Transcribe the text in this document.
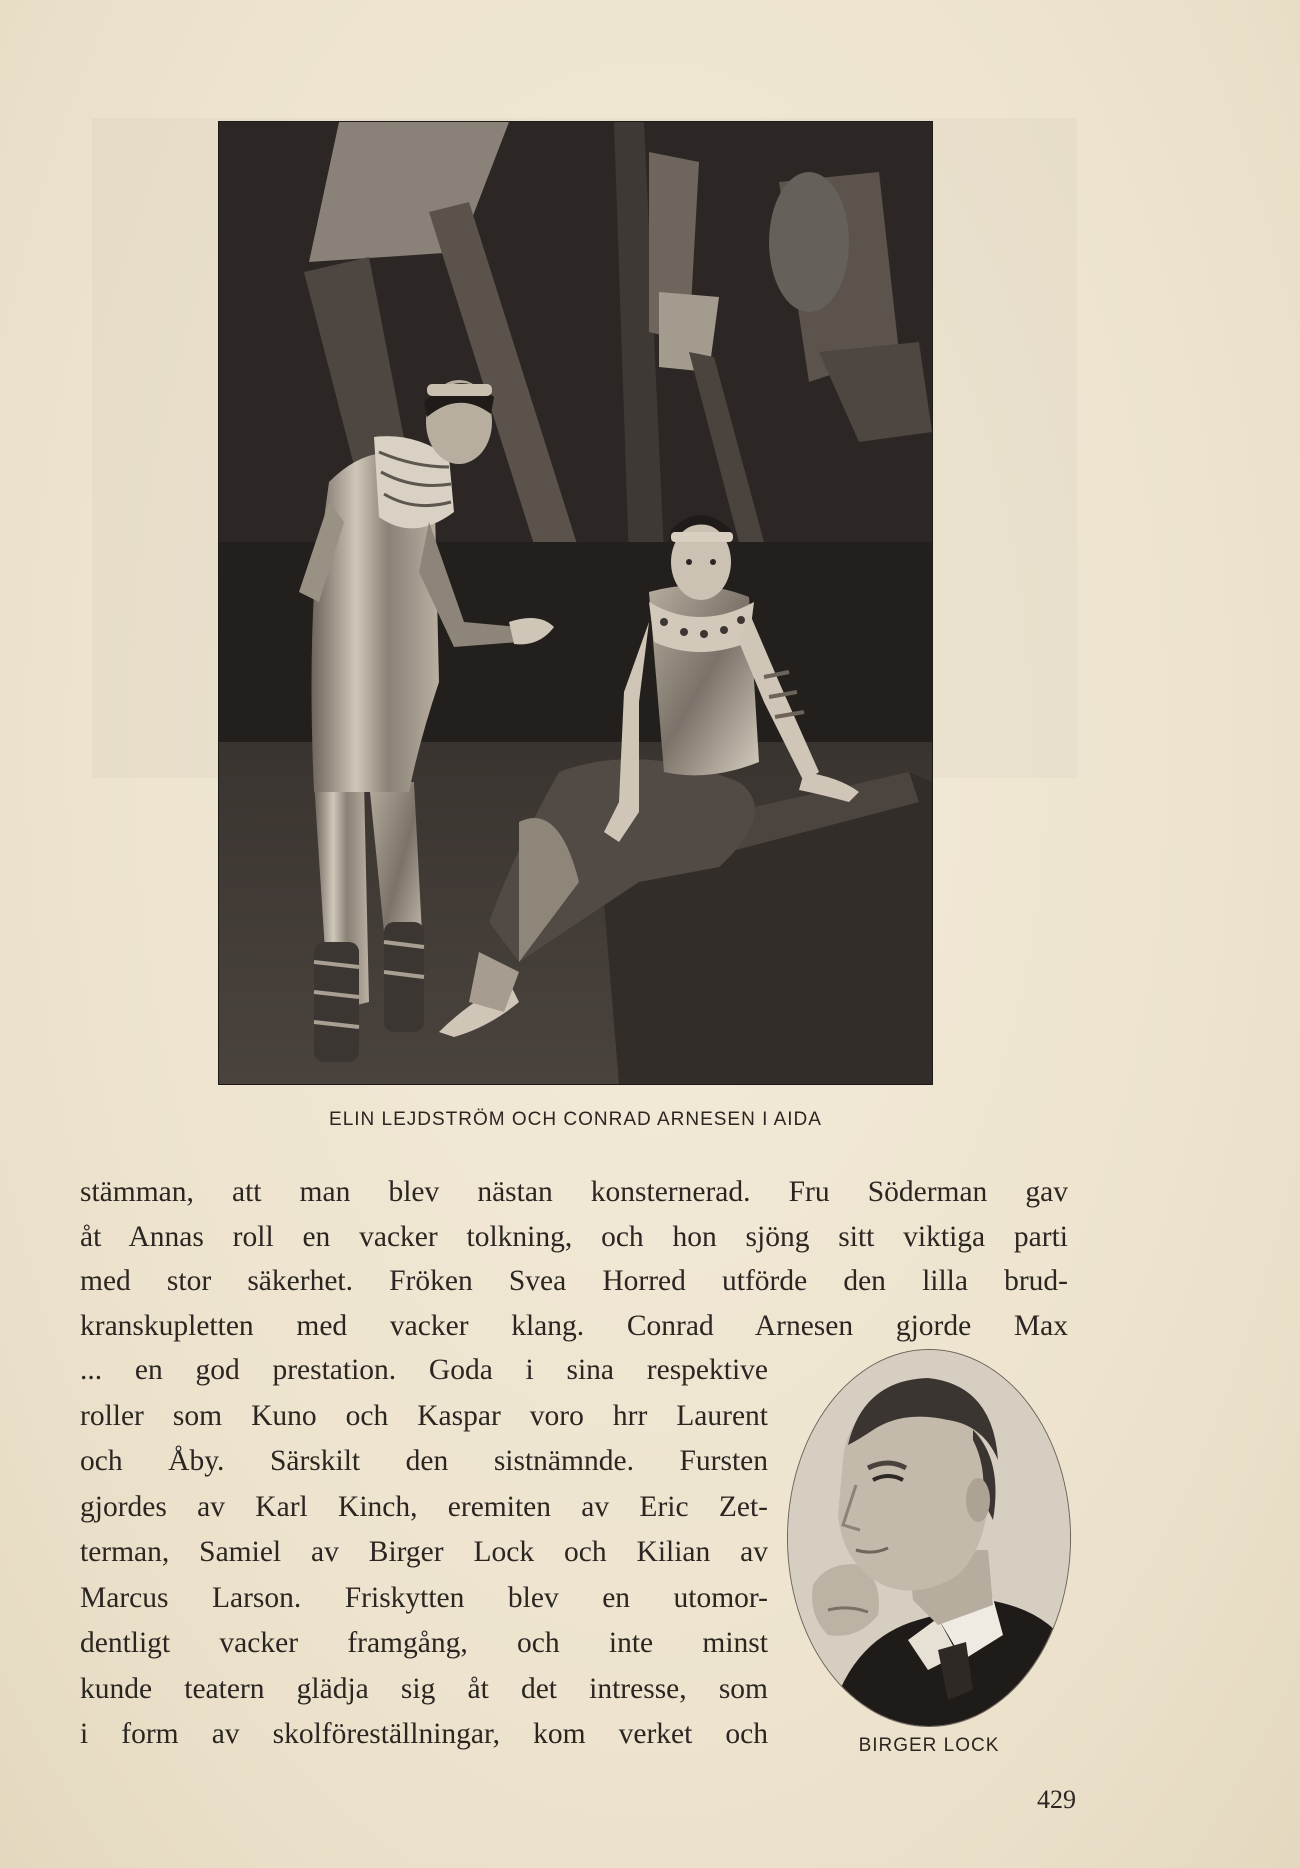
ELIN LEJDSTRÖM OCH CONRAD ARNESEN I AIDA
stämman, att man blev nästan konsternerad. Fru Söderman gav
åt Annas roll en vacker tolkning, och hon sjöng sitt viktiga parti
med stor säkerhet. Fröken Svea Horred utförde den lilla brud-
kranskupletten med vacker klang. Conrad Arnesen gjorde Max
... en god prestation. Goda i sina respektive
roller som Kuno och Kaspar voro hrr Laurent
och Åby. Särskilt den sistnämnde. Fursten
gjordes av Karl Kinch, eremiten av Eric Zet-
terman, Samiel av Birger Lock och Kilian av
Marcus Larson. Friskytten blev en utomor-
dentligt vacker framgång, och inte minst
kunde teatern glädja sig åt det intresse, som
i form av skolföreställningar, kom verket och	BIRGER LOCK
429
